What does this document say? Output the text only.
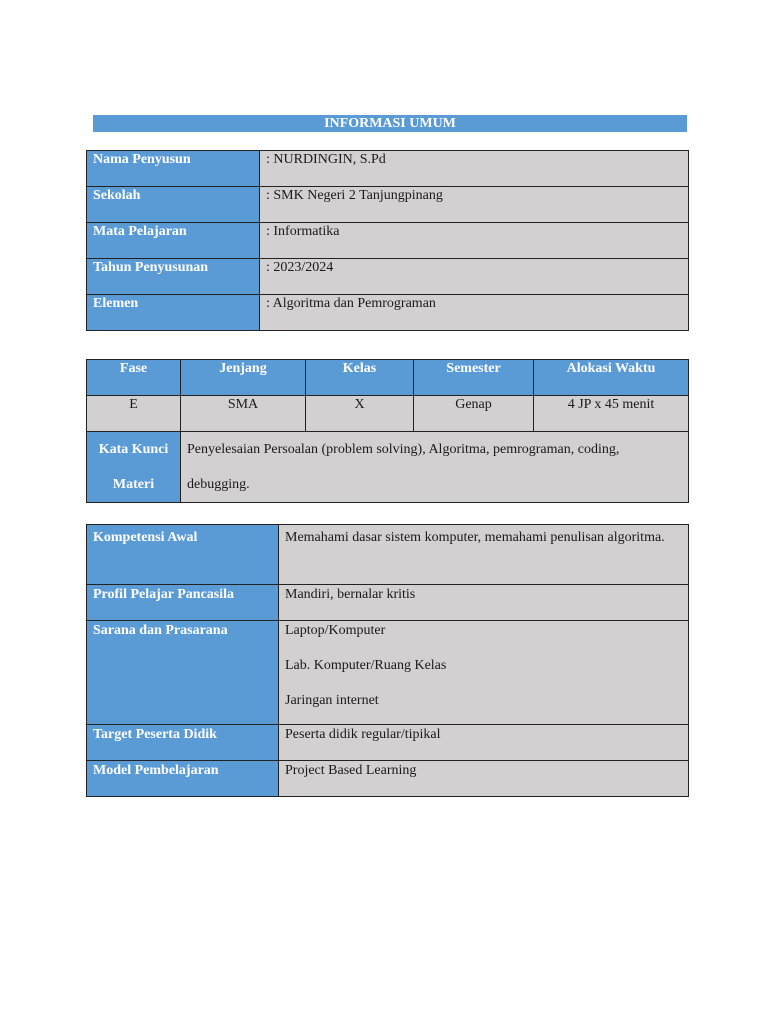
INFORMASI UMUM
Nama Penyusun	: NURDINGIN, S.Pd
Sekolah	: SMK Negeri 2 Tanjungpinang
Mata Pelajaran	: Informatika
Tahun Penyusunan	: 2023/2024
Elemen	: Algoritma dan Pemrograman
Fase	Jenjang	Kelas	Semester	Alokasi Waktu
E	SMA	X	Genap	4 JP x 45 menit
Kata Kunci Materi	Penyelesaian Persoalan (problem solving), Algoritma, pemrograman, coding, debugging.			
Kompetensi Awal	Memahami dasar sistem komputer, memahami penulisan algoritma.
Profil Pelajar Pancasila	Mandiri, bernalar kritis
Sarana dan Prasarana	Laptop/Komputer
Lab. Komputer/Ruang Kelas
Jaringan internet

Target Peserta Didik	Peserta didik regular/tipikal
Model Pembelajaran	Project Based Learning
